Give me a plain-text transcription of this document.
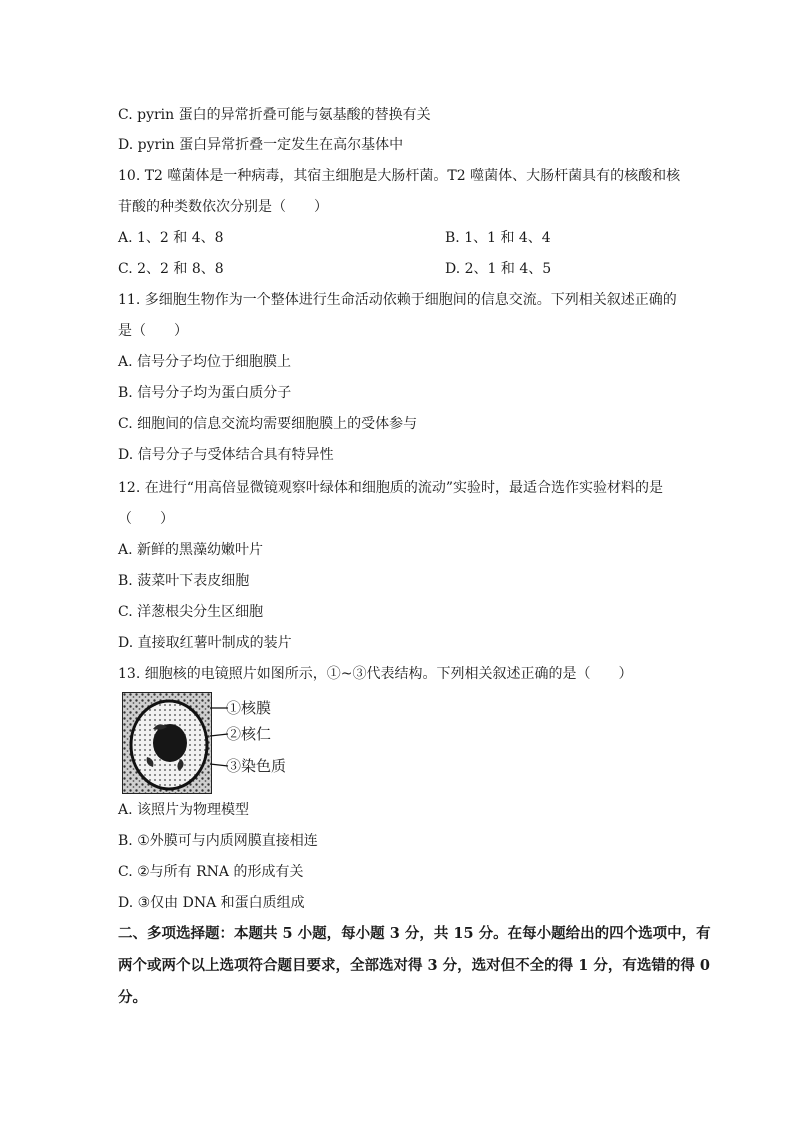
C. pyrin 蛋白的异常折叠可能与氨基酸的替换有关
D. pyrin 蛋白异常折叠一定发生在高尔基体中
10. T2 噬菌体是一种病毒，其宿主细胞是大肠杆菌。T2 噬菌体、大肠杆菌具有的核酸和核
苷酸的种类数依次分别是（　　）
A. 1、2 和 4、8	B. 1、1 和 4、4
C. 2、2 和 8、8	D. 2、1 和 4、5
11. 多细胞生物作为一个整体进行生命活动依赖于细胞间的信息交流。下列相关叙述正确的
是（　　）
A. 信号分子均位于细胞膜上
B. 信号分子均为蛋白质分子
C. 细胞间的信息交流均需要细胞膜上的受体参与
D. 信号分子与受体结合具有特异性
12. 在进行“用高倍显微镜观察叶绿体和细胞质的流动”实验时，最适合选作实验材料的是
（　　）
A. 新鲜的黑藻幼嫩叶片
B. 菠菜叶下表皮细胞
C. 洋葱根尖分生区细胞
D. 直接取红薯叶制成的装片
13. 细胞核的电镜照片如图所示，①~③代表结构。下列相关叙述正确的是（　　）
①核膜
②核仁
③染色质
A. 该照片为物理模型
B. ①外膜可与内质网膜直接相连
C. ②与所有 RNA 的形成有关
D. ③仅由 DNA 和蛋白质组成
二、多项选择题：本题共 5 小题，每小题 3 分，共 15 分。在每小题给出的四个选项中，有
两个或两个以上选项符合题目要求，全部选对得 3 分，选对但不全的得 1 分，有选错的得 0
分。
